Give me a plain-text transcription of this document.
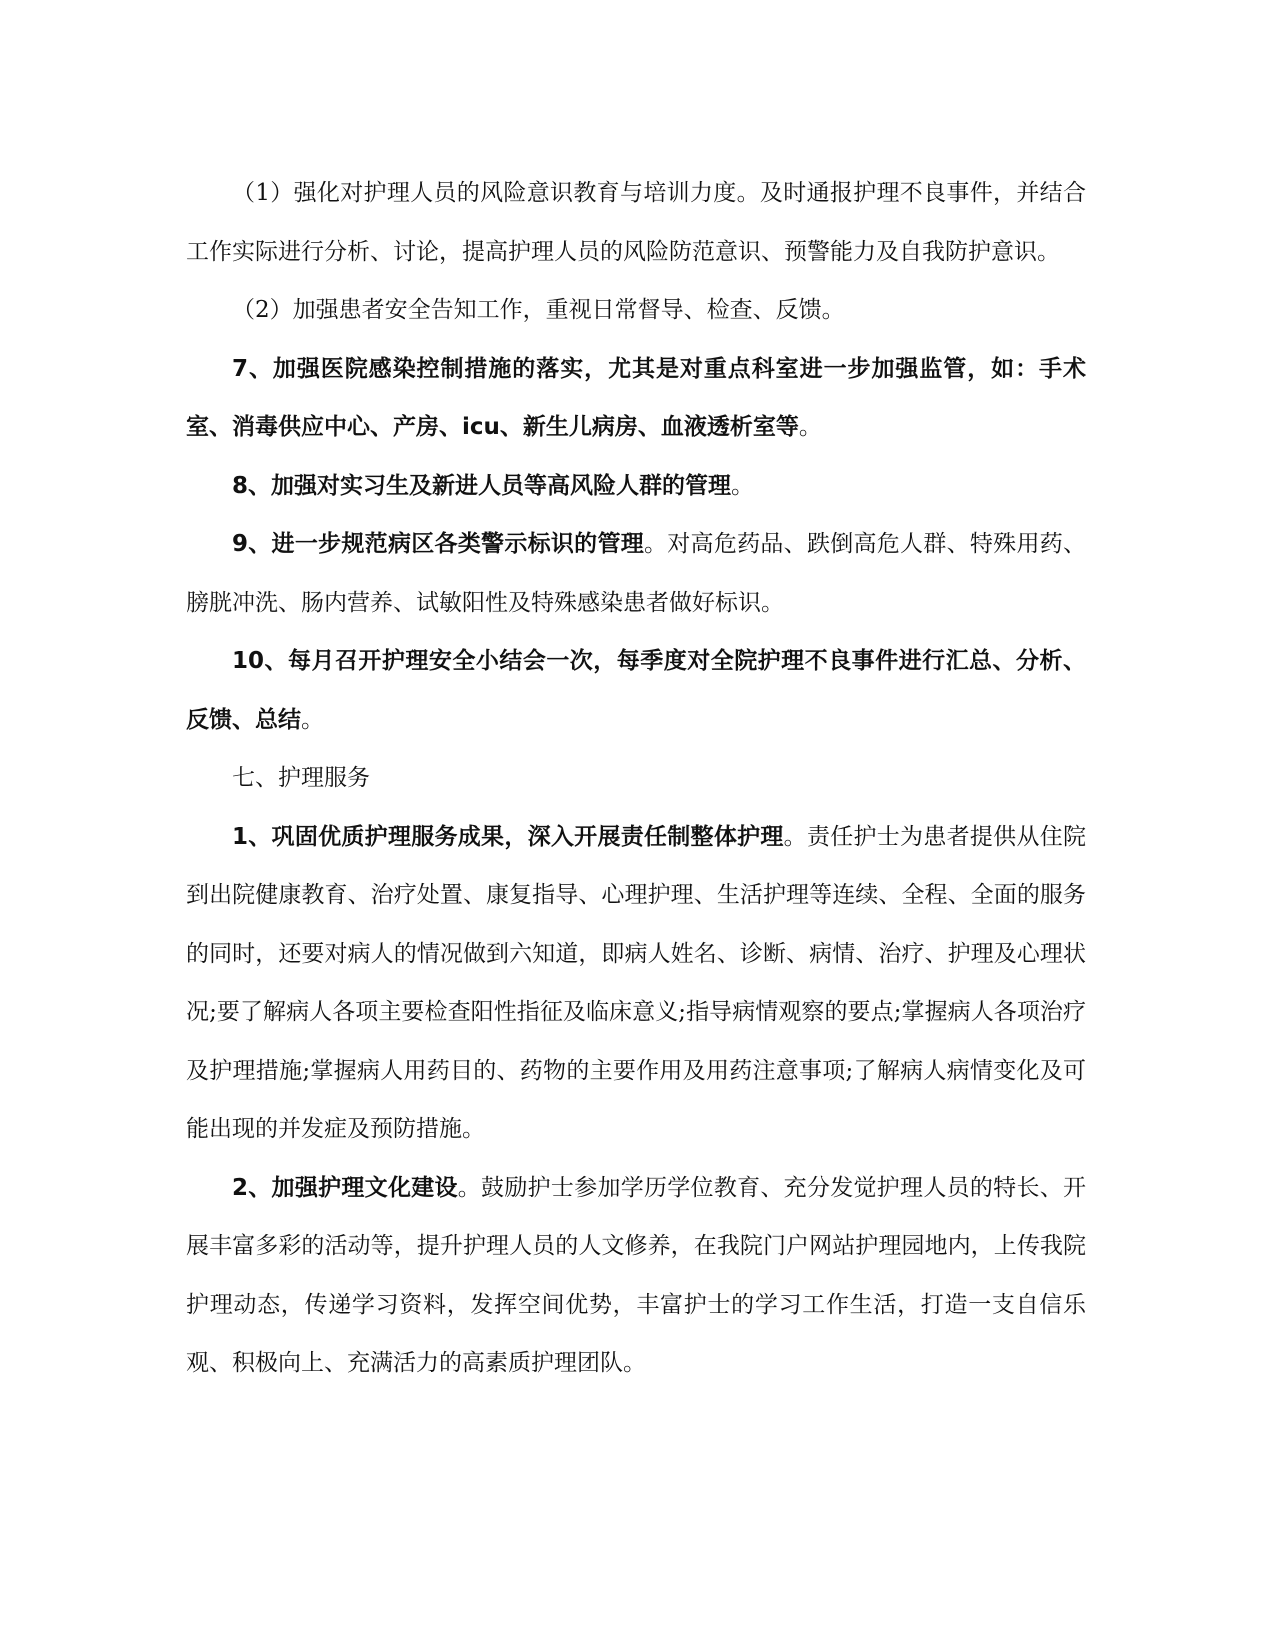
（1）强化对护理人员的风险意识教育与培训力度。及时通报护理不良事件，并结合工作实际进行分析、讨论，提高护理人员的风险防范意识、预警能力及自我防护意识。

（2）加强患者安全告知工作，重视日常督导、检查、反馈。

7、加强医院感染控制措施的落实，尤其是对重点科室进一步加强监管，如：手术室、消毒供应中心、产房、icu、新生儿病房、血液透析室等。

8、加强对实习生及新进人员等高风险人群的管理。

9、进一步规范病区各类警示标识的管理。对高危药品、跌倒高危人群、特殊用药、膀胱冲洗、肠内营养、试敏阳性及特殊感染患者做好标识。

10、每月召开护理安全小结会一次，每季度对全院护理不良事件进行汇总、分析、反馈、总结。

七、护理服务

1、巩固优质护理服务成果，深入开展责任制整体护理。责任护士为患者提供从住院到出院健康教育、治疗处置、康复指导、心理护理、生活护理等连续、全程、全面的服务的同时，还要对病人的情况做到六知道，即病人姓名、诊断、病情、治疗、护理及心理状况;要了解病人各项主要检查阳性指征及临床意义;指导病情观察的要点;掌握病人各项治疗及护理措施;掌握病人用药目的、药物的主要作用及用药注意事项;了解病人病情变化及可能出现的并发症及预防措施。

2、加强护理文化建设。鼓励护士参加学历学位教育、充分发觉护理人员的特长、开展丰富多彩的活动等，提升护理人员的人文修养，在我院门户网站护理园地内，上传我院护理动态，传递学习资料，发挥空间优势，丰富护士的学习工作生活，打造一支自信乐观、积极向上、充满活力的高素质护理团队。
